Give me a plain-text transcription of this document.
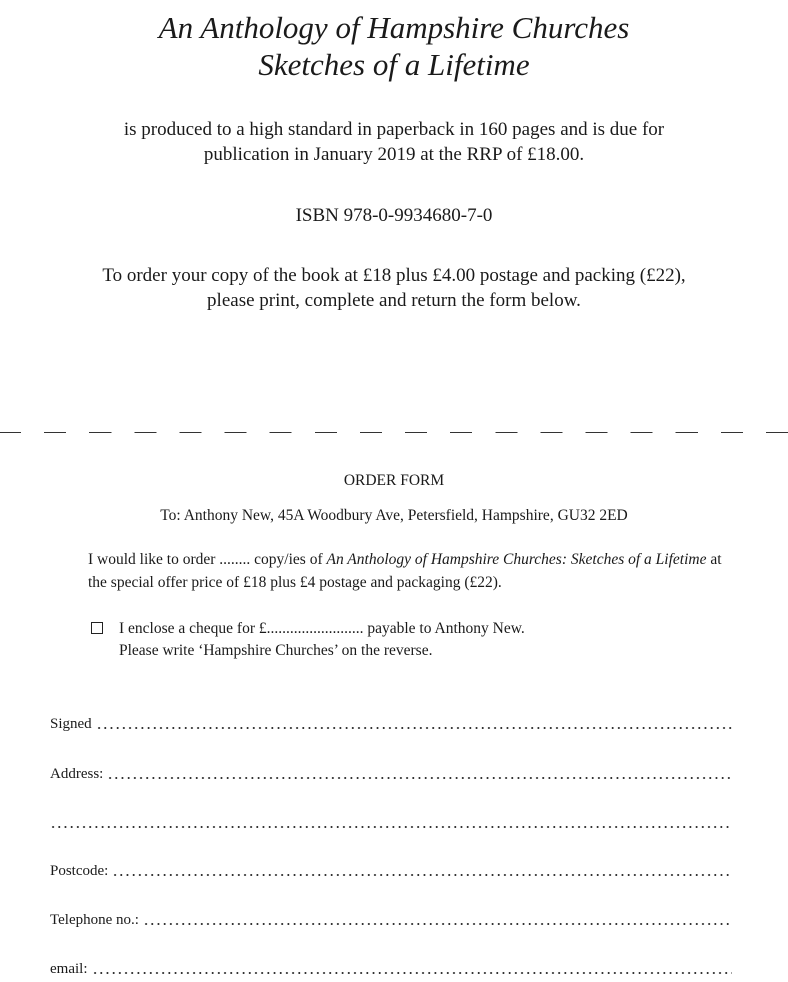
An Anthology of Hampshire Churches
Sketches of a Lifetime
is produced to a high standard in paperback in 160 pages and is due for
publication in January 2019 at the RRP of £18.00.
ISBN 978-0-9934680-7-0
To order your copy of the book at £18 plus £4.00 postage and packing (£22),
please print, complete and return the form below.
ORDER FORM
To: Anthony New, 45A Woodbury Ave, Petersfield, Hampshire, GU32 2ED
I would like to order ........ copy/ies of An Anthology of Hampshire Churches: Sketches of a Lifetime at
the special offer price of £18 plus £4 postage and packaging (£22).
I enclose a cheque for £......................... payable to Anthony New.
Please write ‘Hampshire Churches’ on the reverse.
Signed
Address:
Postcode:
Telephone no.:
email:
